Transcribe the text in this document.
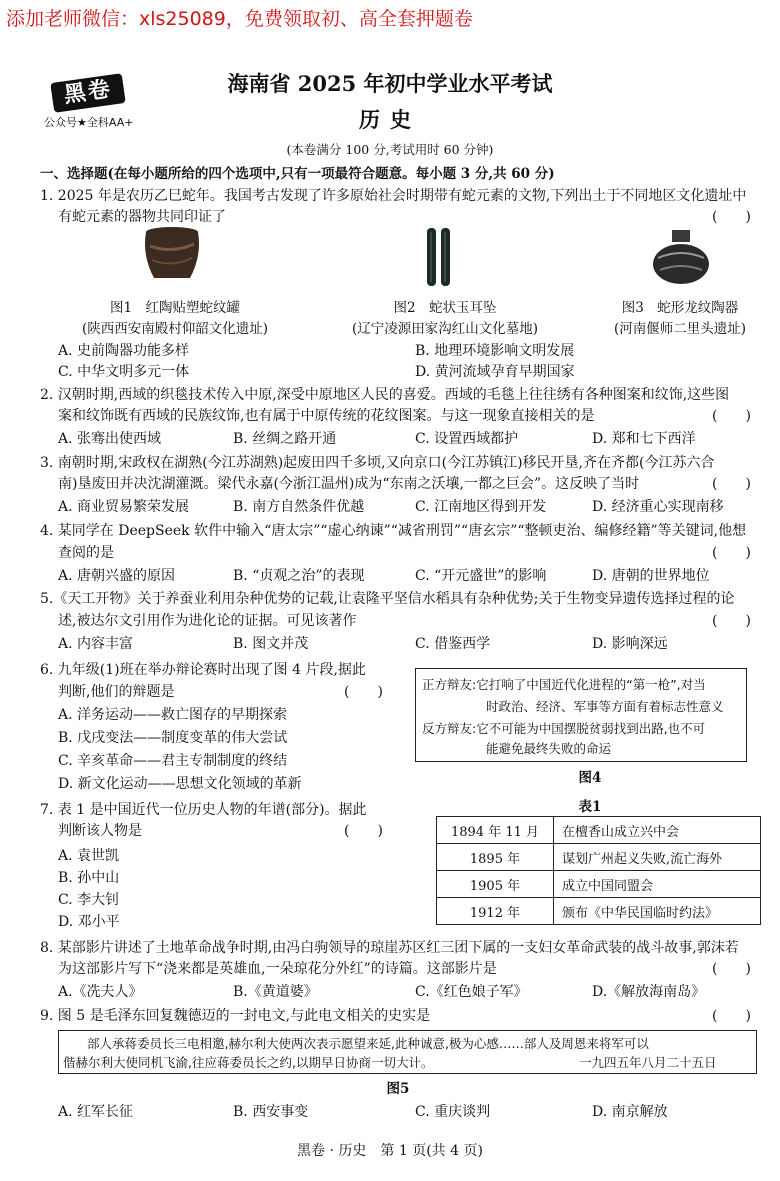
添加老师微信：xls25089，免费领取初、高全套押题卷
黑卷
公众号★全科AA+
海南省 2025 年初中学业水平考试
历史
(本卷满分 100 分,考试用时 60 分钟)
一、选择题(在每小题所给的四个选项中,只有一项最符合题意。每小题 3 分,共 60 分)
1. 2025 年是农历乙巳蛇年。我国考古发现了许多原始社会时期带有蛇元素的文物,下列出土于不同地区文化遗址中
有蛇元素的器物共同印证了	(　　)
图1　红陶贴塑蛇纹罐
(陕西西安南殿村仰韶文化遗址)
图2　蛇状玉耳坠
(辽宁凌源田家沟红山文化墓地)
图3　蛇形龙纹陶器
(河南偃师二里头遗址)
A. 史前陶器功能多样	B. 地理环境影响文明发展
C. 中华文明多元一体	D. 黄河流域孕育早期国家
2. 汉朝时期,西域的织毯技术传入中原,深受中原地区人民的喜爱。西域的毛毯上往往绣有各种图案和纹饰,这些图
案和纹饰既有西域的民族纹饰,也有属于中原传统的花纹图案。与这一现象直接相关的是	(　　)
A. 张骞出使西域	B. 丝绸之路开通	C. 设置西域都护	D. 郑和七下西洋
3. 南朝时期,宋政权在湖熟(今江苏湖熟)起废田四千多顷,又向京口(今江苏镇江)移民开垦,齐在齐都(今江苏六合
南)垦废田并决沈湖灌溉。梁代永嘉(今浙江温州)成为“东南之沃壤,一都之巨会”。这反映了当时	(　　)
A. 商业贸易繁荣发展	B. 南方自然条件优越	C. 江南地区得到开发	D. 经济重心实现南移
4. 某同学在 DeepSeek 软件中输入“唐太宗”“虚心纳谏”“减省刑罚”“唐玄宗”“整顿吏治、编修经籍”等关键词,他想
查阅的是	(　　)
A. 唐朝兴盛的原因	B. “贞观之治”的表现	C. “开元盛世”的影响	D. 唐朝的世界地位
5.《天工开物》关于养蚕业利用杂种优势的记载,让袁隆平坚信水稻具有杂种优势;关于生物变异遗传选择过程的论
述,被达尔文引用作为进化论的证据。可见该著作	(　　)
A. 内容丰富	B. 图文并茂	C. 借鉴西学	D. 影响深远
6. 九年级(1)班在举办辩论赛时出现了图 4 片段,据此
判断,他们的辩题是	(　　)
A. 洋务运动——救亡图存的早期探索
B. 戊戌变法——制度变革的伟大尝试
C. 辛亥革命——君主专制制度的终结
D. 新文化运动——思想文化领域的革新
正方辩友:它打响了中国近代化进程的“第一枪”,对当
时政治、经济、军事等方面有着标志性意义
反方辩友:它不可能为中国摆脱贫弱找到出路,也不可
能避免最终失败的命运
图4
7. 表 1 是中国近代一位历史人物的年谱(部分)。据此
判断该人物是	(　　)
A. 袁世凯
B. 孙中山
C. 李大钊
D. 邓小平
表1
1894 年 11 月	在檀香山成立兴中会
1895 年	谋划广州起义失败,流亡海外
1905 年	成立中国同盟会
1912 年	颁布《中华民国临时约法》
8. 某部影片讲述了土地革命战争时期,由冯白驹领导的琼崖苏区红三团下属的一支妇女革命武装的战斗故事,郭沫若
为这部影片写下“浇来都是英雄血,一朵琼花分外红”的诗篇。这部影片是	(　　)
A.《冼夫人》	B.《黄道婆》	C.《红色娘子军》	D.《解放海南岛》
9. 图 5 是毛泽东回复魏德迈的一封电文,与此电文相关的史实是	(　　)
部人承蒋委员长三电相邀,赫尔利大使两次表示愿望来延,此种诚意,极为心感……部人及周恩来将军可以
偕赫尔利大使同机飞渝,往应蒋委员长之约,以期早日协商一切大计。	一九四五年八月二十五日
图5
A. 红军长征	B. 西安事变	C. 重庆谈判	D. 南京解放
黑卷 · 历史　第 1 页(共 4 页)
